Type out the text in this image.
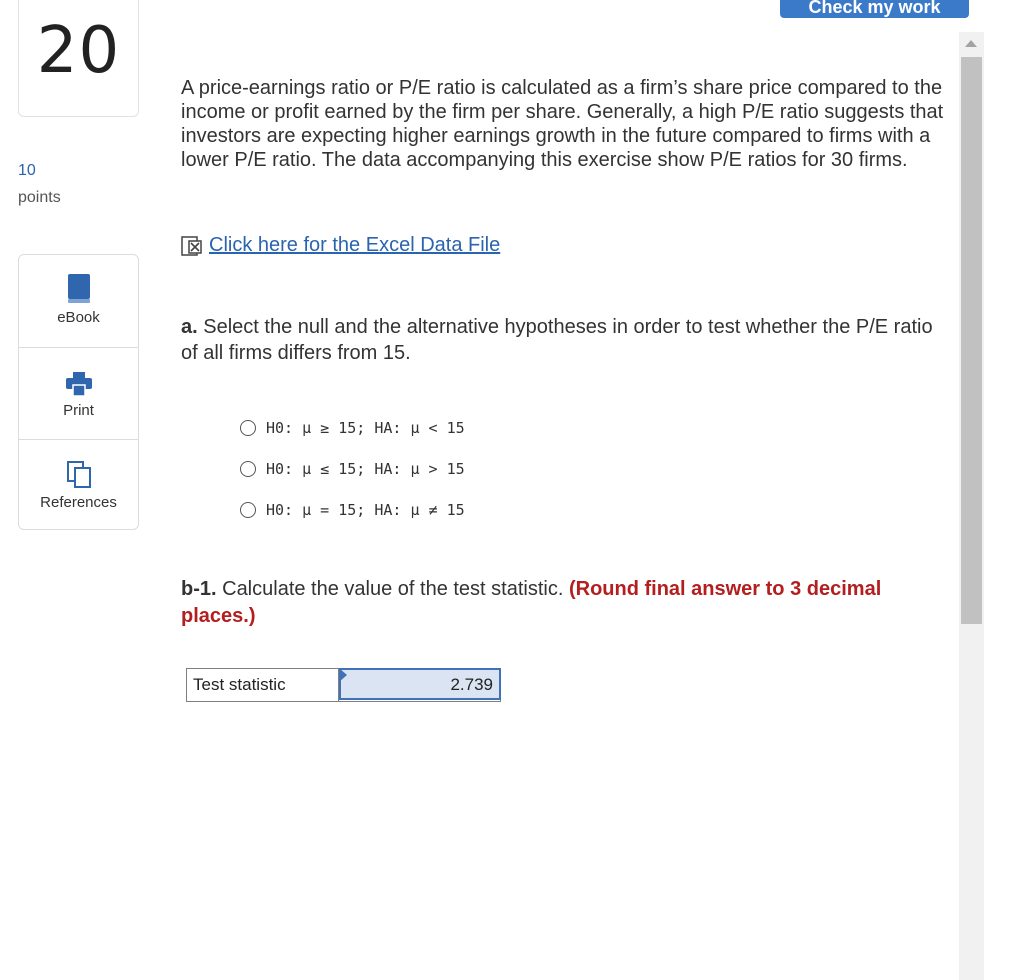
Check my work
20
10
points
eBook
Print
References

A price-earnings ratio or P/E ratio is calculated as a firm’s share price compared to the income or profit earned by the firm per share. Generally, a high P/E ratio suggests that investors are expecting higher earnings growth in the future compared to firms with a lower P/E ratio. The data accompanying this exercise show P/E ratios for 30 firms.

Click here for the Excel Data File
a. Select the null and the alternative hypotheses in order to test whether the P/E ratio of all firms differs from 15.
H0: μ ≥ 15; HA: μ < 15
H0: μ ≤ 15; HA: μ > 15
H0: μ = 15; HA: μ ≠ 15
b-1. Calculate the value of the test statistic. (Round final answer to 3 decimal places.)
Test statistic	2.739
